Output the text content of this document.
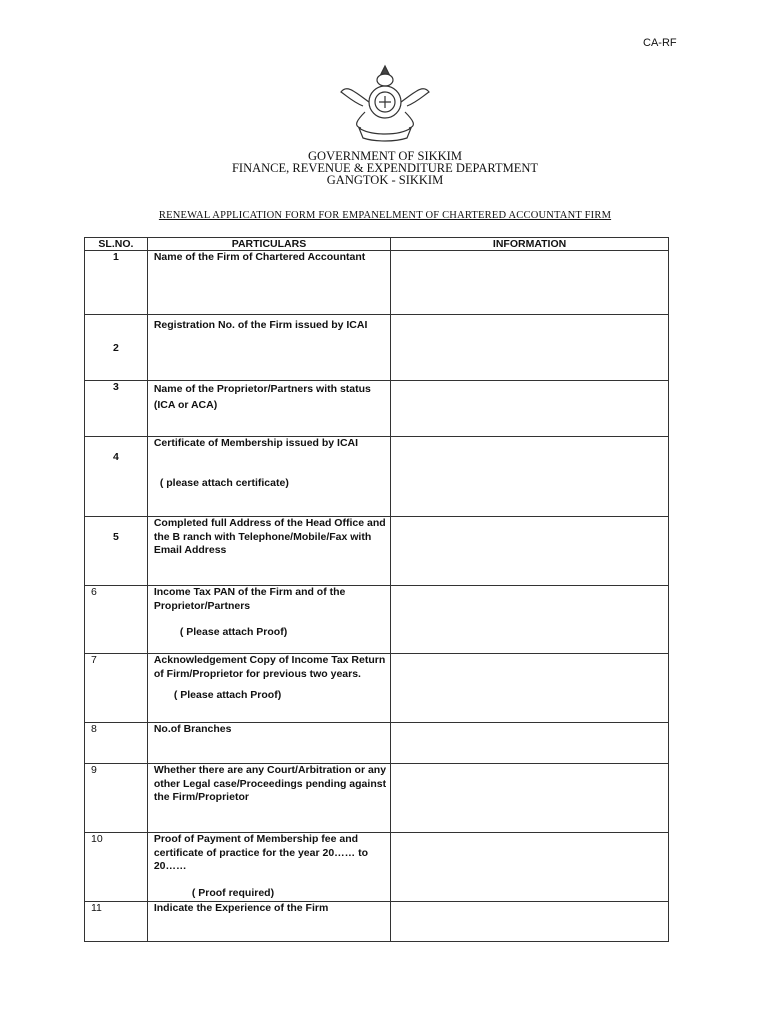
CA-RF
GOVERNMENT OF SIKKIM
FINANCE, REVENUE & EXPENDITURE DEPARTMENT
GANGTOK - SIKKIM
RENEWAL APPLICATION FORM FOR EMPANELMENT OF CHARTERED ACCOUNTANT FIRM
SL.NO.	PARTICULARS	INFORMATION
1	Name of the Firm of Chartered Accountant	
2	Registration No. of the Firm issued by ICAI	
3	Name of the Proprietor/Partners with status (ICA or ACA)	
4	Certificate of Membership issued by ICAI
( please attach certificate)	

5	Completed full Address of the Head Office and the B ranch with Telephone/Mobile/Fax with Email Address	
6	Income Tax PAN of the Firm and of the Proprietor/Partners
( Please attach Proof)	

7	Acknowledgement Copy of Income Tax Return of Firm/Proprietor for previous two years.
( Please attach Proof)	

8	No.of Branches	
9	Whether there are any Court/Arbitration or any other Legal case/Proceedings pending against the Firm/Proprietor	
10	Proof of Payment of Membership fee and certificate of practice for the year 20…… to 20……
( Proof required)	

11	Indicate the Experience of the Firm	
